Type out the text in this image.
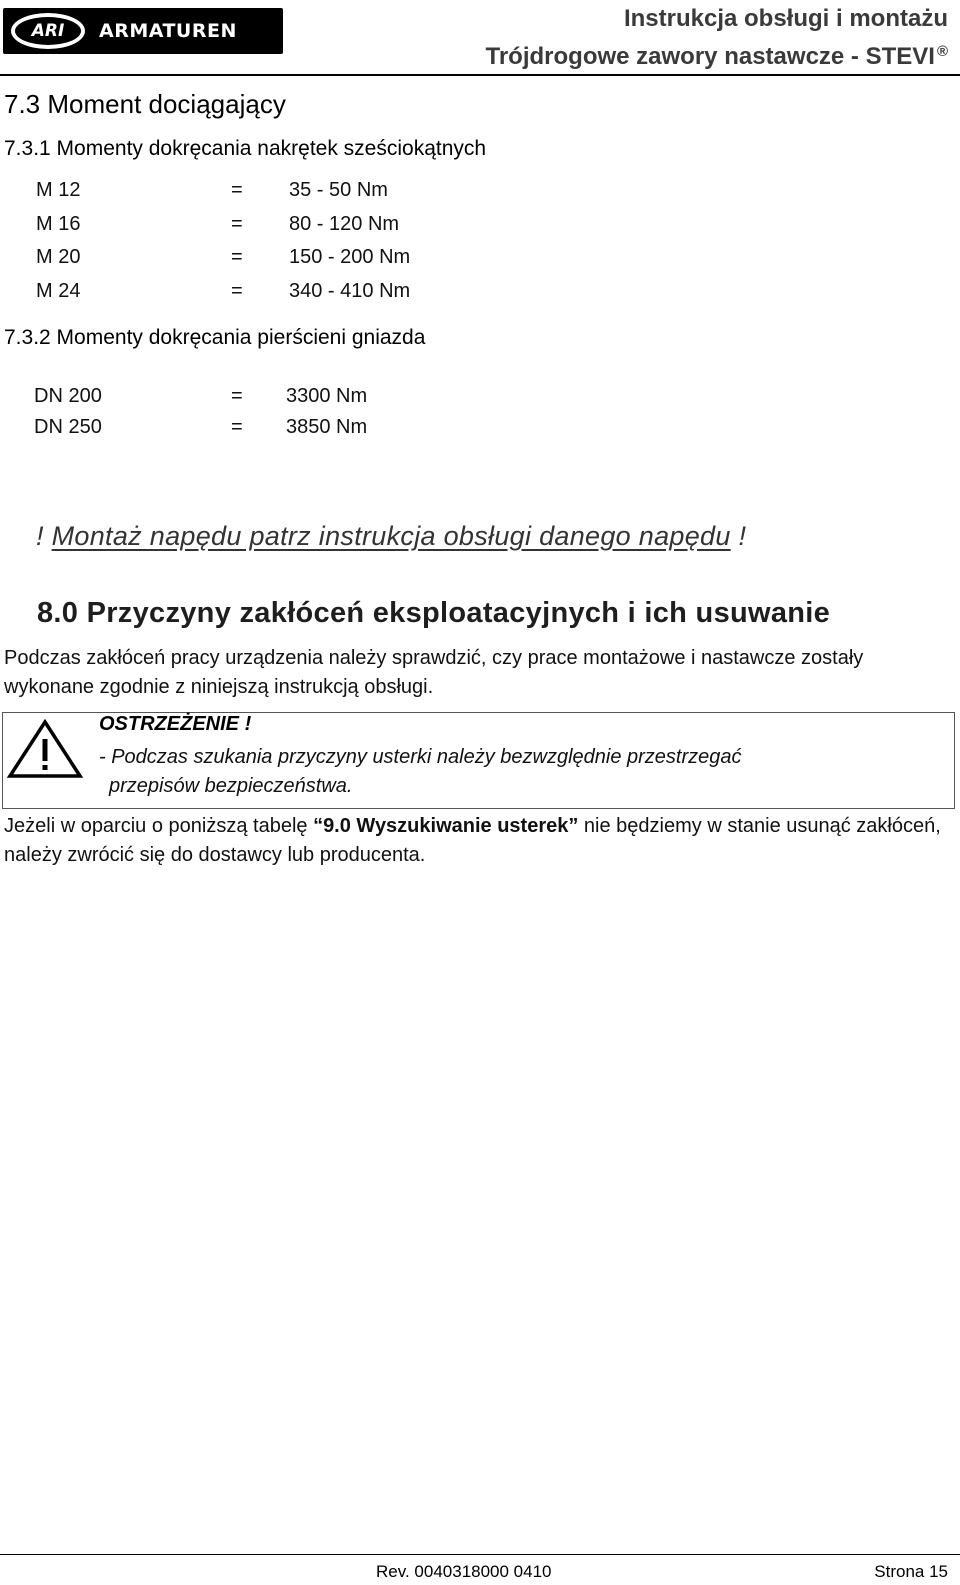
ARI ARMATUREN	Instrukcja obsługi i montażu
Trójdrogowe zawory nastawcze - STEVI ®
7.3 Moment dociągający
7.3.1 Momenty dokręcania nakrętek sześciokątnych
M 12	= 35 - 50 Nm
M 16	= 80 - 120 Nm
M 20	= 150 - 200 Nm
M 24	= 340 - 410 Nm
7.3.2 Momenty dokręcania pierścieni gniazda
DN 200	= 3300 Nm
DN 250	= 3850 Nm
! Montaż napędu patrz instrukcja obsługi danego napędu !
8.0 Przyczyny zakłóceń eksploatacyjnych i ich usuwanie
Podczas zakłóceń pracy urządzenia należy sprawdzić, czy prace montażowe i nastawcze zostały wykonane zgodnie z niniejszą instrukcją obsługi.
OSTRZEŻENIE !
- Podczas szukania przyczyny usterki należy bezwzględnie przestrzegać
przepisów bezpieczeństwa.
Jeżeli w oparciu o poniższą tabelę “9.0 Wyszukiwanie usterek” nie będziemy w stanie usunąć zakłóceń, należy zwrócić się do dostawcy lub producenta.
Rev. 0040318000 0410	Strona 15
